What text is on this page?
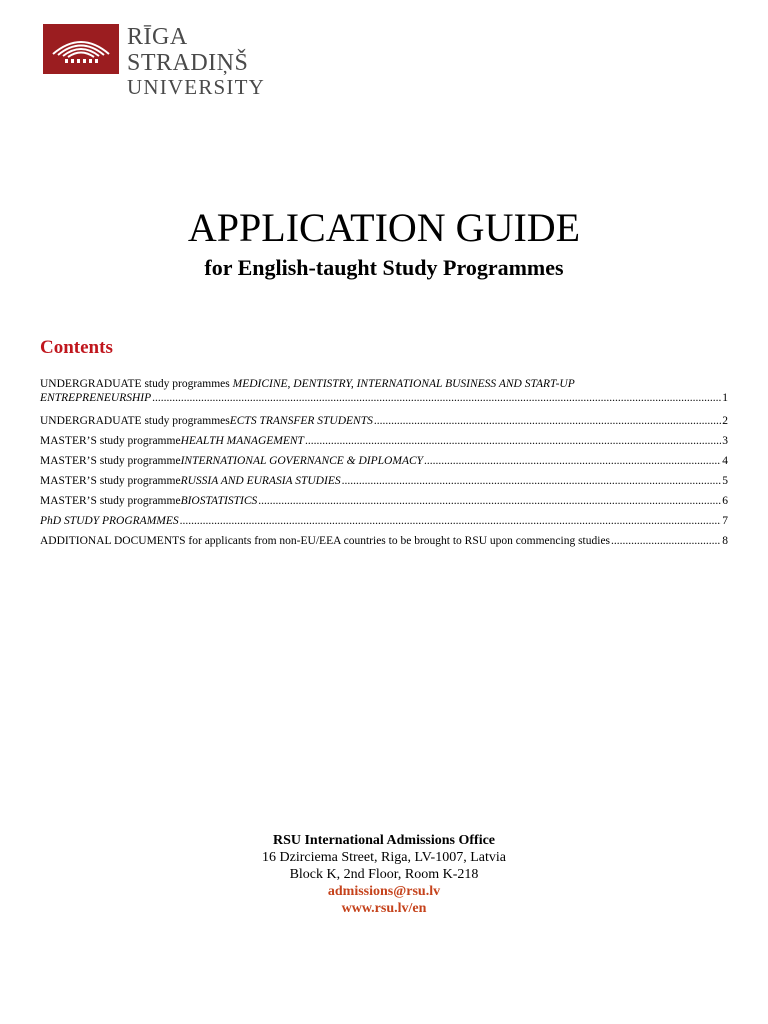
RĪGA STRADIŅŠ
UNIVERSITY
APPLICATION GUIDE
for English-taught Study Programmes
Contents
UNDERGRADUATE study programmes MEDICINE, DENTISTRY, INTERNATIONAL BUSINESS AND START-UP
ENTREPRENEURSHIP .....	1
UNDERGRADUATE study programmes ECTS TRANSFER STUDENTS .....	2
MASTER’S study programme HEALTH MANAGEMENT .....	3
MASTER’S study programme INTERNATIONAL GOVERNANCE & DIPLOMACY .....	4
MASTER’S study programme RUSSIA AND EURASIA STUDIES .....	5
MASTER’S study programme BIOSTATISTICS .....	6
PhD STUDY PROGRAMMES .....	7
ADDITIONAL DOCUMENTS for applicants from non-EU/EEA countries to be brought to RSU upon commencing studies .....	8
RSU International Admissions Office
16 Dzirciema Street, Riga, LV-1007, Latvia
Block K, 2nd Floor, Room K-218
admissions@rsu.lv
www.rsu.lv/en
